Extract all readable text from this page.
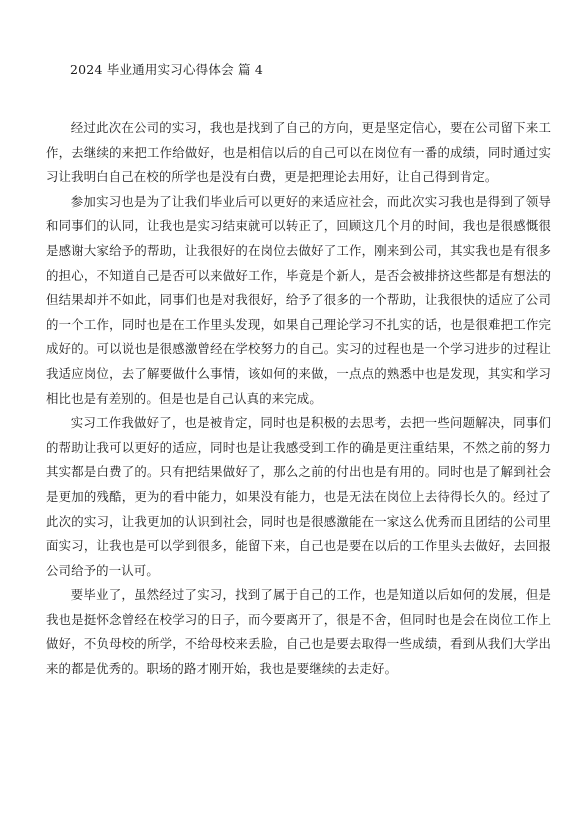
2024 毕业通用实习心得体会 篇 4

经过此次在公司的实习，我也是找到了自己的方向，更是坚定信心，要在公司留下来工作，去继续的来把工作给做好，也是相信以后的自己可以在岗位有一番的成绩，同时通过实习让我明白自己在校的所学也是没有白费，更是把理论去用好，让自己得到肯定。

参加实习也是为了让我们毕业后可以更好的来适应社会，而此次实习我也是得到了领导和同事们的认同，让我也是实习结束就可以转正了，回顾这几个月的时间，我也是很感慨很是感谢大家给予的帮助，让我很好的在岗位去做好了工作，刚来到公司，其实我也是有很多的担心，不知道自己是否可以来做好工作，毕竟是个新人，是否会被排挤这些都是有想法的但结果却并不如此，同事们也是对我很好，给予了很多的一个帮助，让我很快的适应了公司的一个工作，同时也是在工作里头发现，如果自己理论学习不扎实的话，也是很难把工作完成好的。可以说也是很感激曾经在学校努力的自己。实习的过程也是一个学习进步的过程让我适应岗位，去了解要做什么事情，该如何的来做，一点点的熟悉中也是发现，其实和学习相比也是有差别的。但是也是自己认真的来完成。

实习工作我做好了，也是被肯定，同时也是积极的去思考，去把一些问题解决，同事们的帮助让我可以更好的适应，同时也是让我感受到工作的确是更注重结果，不然之前的努力其实都是白费了的。只有把结果做好了，那么之前的付出也是有用的。同时也是了解到社会是更加的残酷，更为的看中能力，如果没有能力，也是无法在岗位上去待得长久的。经过了此次的实习，让我更加的认识到社会，同时也是很感激能在一家这么优秀而且团结的公司里面实习，让我也是可以学到很多，能留下来，自己也是要在以后的工作里头去做好，去回报公司给予的一认可。

要毕业了，虽然经过了实习，找到了属于自己的工作，也是知道以后如何的发展，但是我也是挺怀念曾经在校学习的日子，而今要离开了，很是不舍，但同时也是会在岗位工作上做好，不负母校的所学，不给母校来丢脸，自己也是要去取得一些成绩，看到从我们大学出来的都是优秀的。职场的路才刚开始，我也是要继续的去走好。
